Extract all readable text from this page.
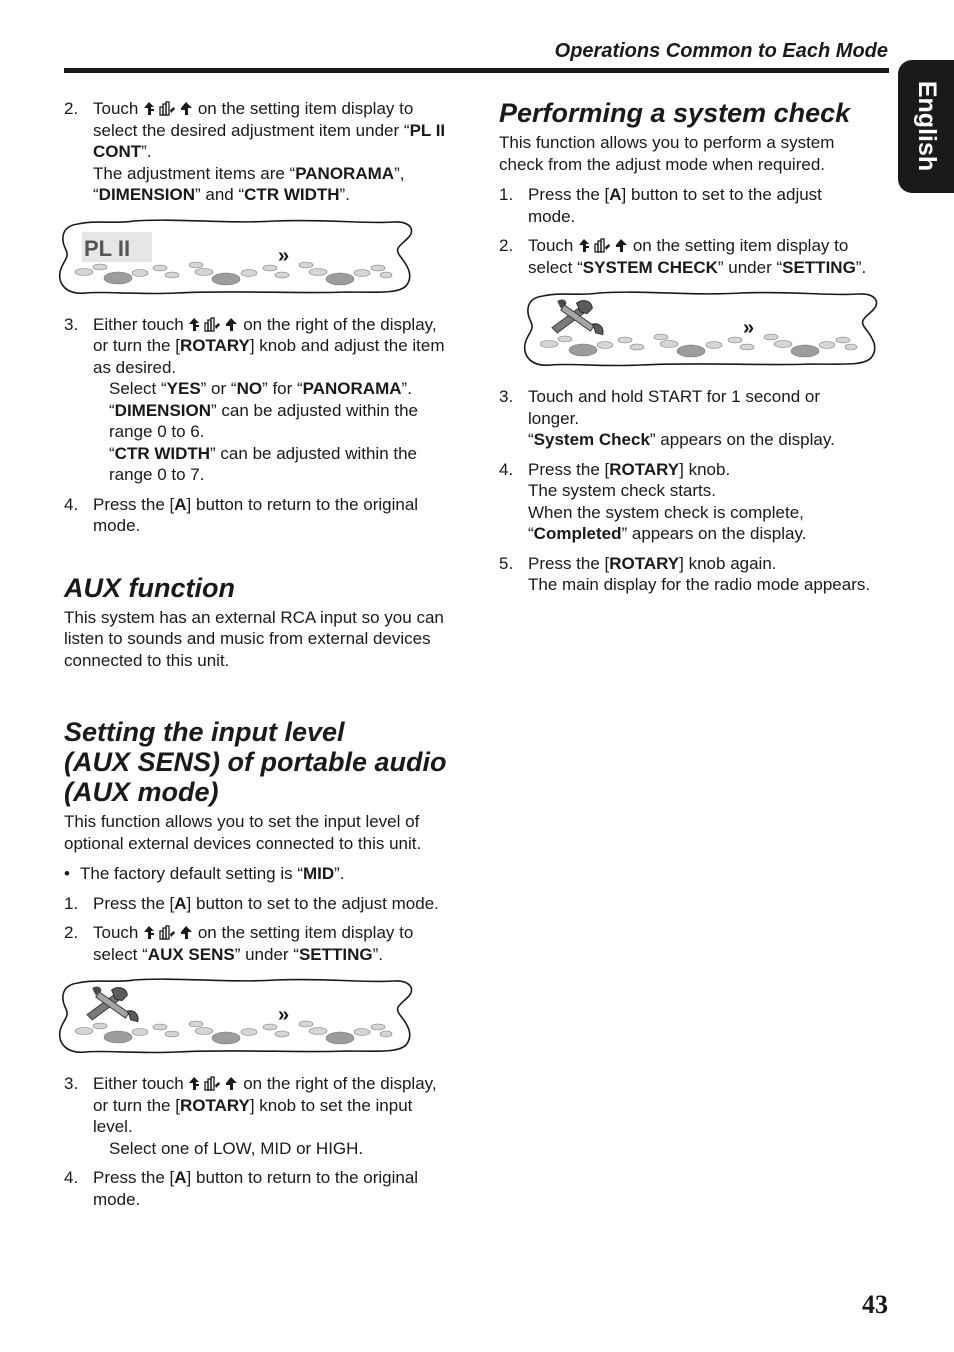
Operations Common to Each Mode
English
43
2. Touch	on the setting item display to select the desired adjustment item under “PL II CONT”.
The adjustment items are “PANORAMA”, “DIMENSION” and “CTR WIDTH”.
PL II	»
3. Either touch	on the right of the display, or turn the [ROTARY] knob and adjust the item as desired.
Select “YES” or “NO” for “PANORAMA”.
“DIMENSION” can be adjusted within the range 0 to 6.
“CTR WIDTH” can be adjusted within the range 0 to 7.
4. Press the [A] button to return to the original mode.
AUX function

This system has an external RCA input so you can listen to sounds and music from external devices connected to this unit.

Setting the input level
(AUX SENS) of portable audio
(AUX mode)

This function allows you to set the input level of optional external devices connected to this unit.

• The factory default setting is “MID”.
1. Press the [A] button to set to the adjust mode.
2. Touch	on the setting item display to select “AUX SENS” under “SETTING”.
»
3. Either touch	on the right of the display, or turn the [ROTARY] knob to set the input level.
Select one of LOW, MID or HIGH.
4. Press the [A] button to return to the original mode.
Performing a system check

This function allows you to perform a system check from the adjust mode when required.

1. Press the [A] button to set to the adjust mode.
2. Touch	on the setting item display to select “SYSTEM CHECK” under “SETTING”.
»
3. Touch and hold START for 1 second or longer.
“System Check” appears on the display.
4. Press the [ROTARY] knob.
The system check starts.
When the system check is complete,
“Completed” appears on the display.
5. Press the [ROTARY] knob again.
The main display for the radio mode appears.
